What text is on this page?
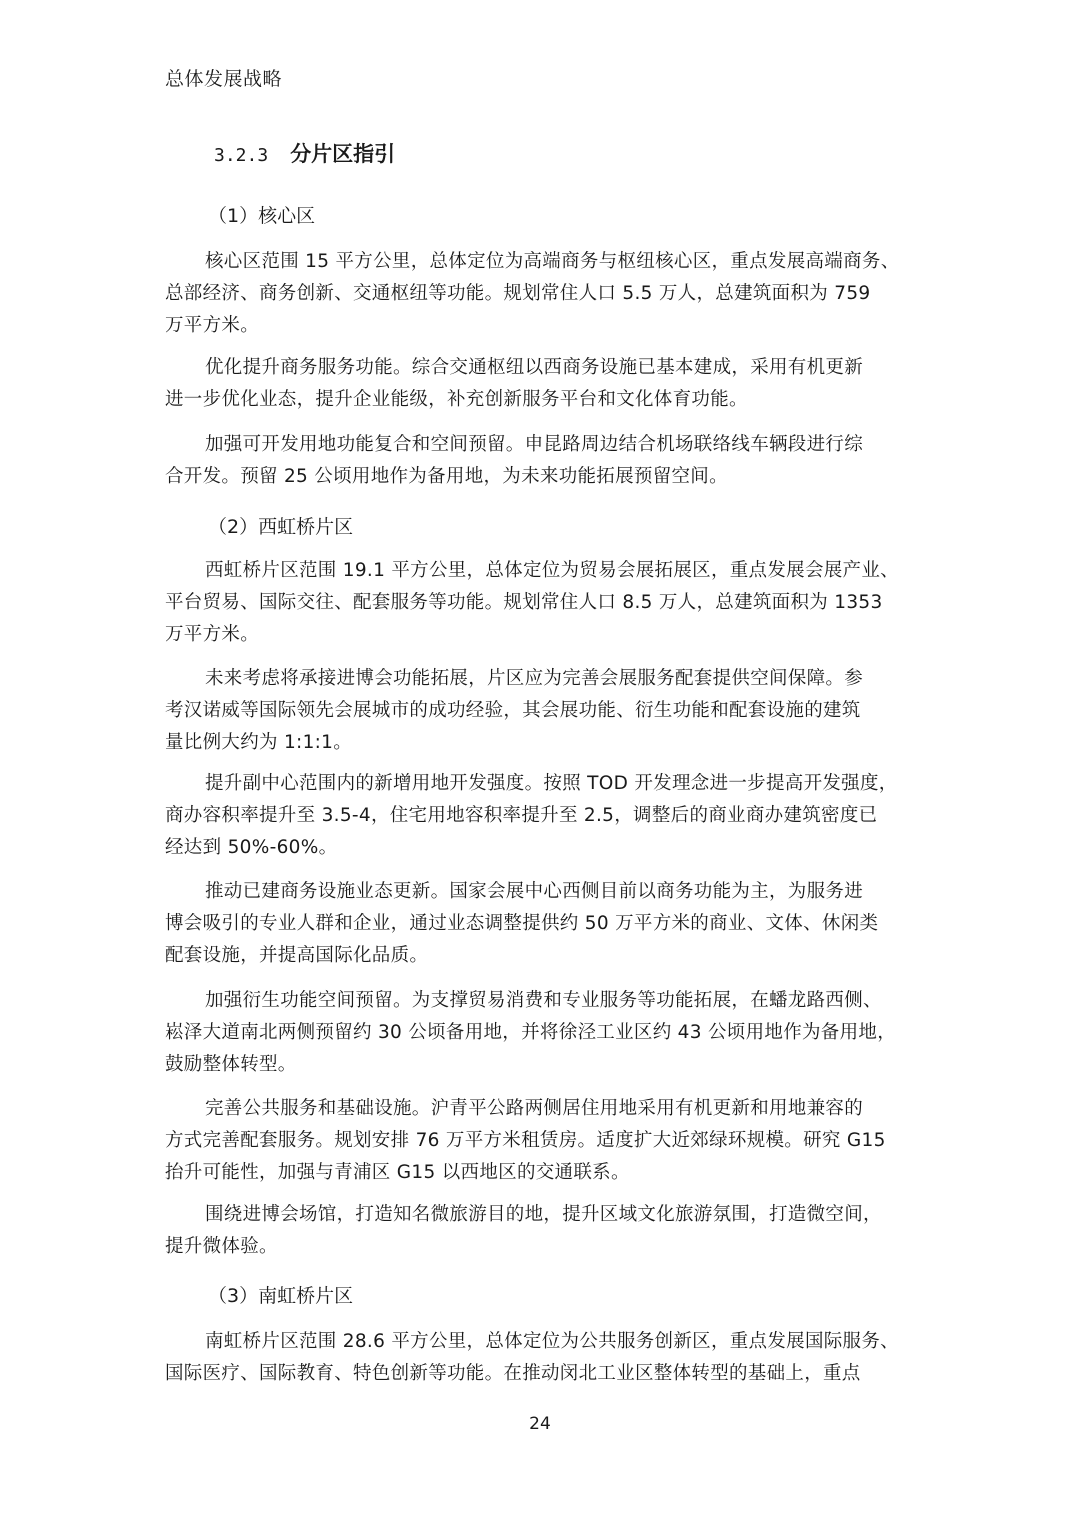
总体发展战略
3.2.3 分片区指引
（1）核心区
核心区范围 15 平方公里，总体定位为高端商务与枢纽核心区，重点发展高端商务、
总部经济、商务创新、交通枢纽等功能。规划常住人口 5.5 万人，总建筑面积为 759
万平方米。
优化提升商务服务功能。综合交通枢纽以西商务设施已基本建成，采用有机更新
进一步优化业态，提升企业能级，补充创新服务平台和文化体育功能。
加强可开发用地功能复合和空间预留。申昆路周边结合机场联络线车辆段进行综
合开发。预留 25 公顷用地作为备用地，为未来功能拓展预留空间。
（2）西虹桥片区
西虹桥片区范围 19.1 平方公里，总体定位为贸易会展拓展区，重点发展会展产业、
平台贸易、国际交往、配套服务等功能。规划常住人口 8.5 万人，总建筑面积为 1353
万平方米。
未来考虑将承接进博会功能拓展，片区应为完善会展服务配套提供空间保障。参
考汉诺威等国际领先会展城市的成功经验，其会展功能、衍生功能和配套设施的建筑
量比例大约为 1:1:1。
提升副中心范围内的新增用地开发强度。按照 TOD 开发理念进一步提高开发强度，
商办容积率提升至 3.5-4，住宅用地容积率提升至 2.5，调整后的商业商办建筑密度已
经达到 50%-60%。
推动已建商务设施业态更新。国家会展中心西侧目前以商务功能为主，为服务进
博会吸引的专业人群和企业，通过业态调整提供约 50 万平方米的商业、文体、休闲类
配套设施，并提高国际化品质。
加强衍生功能空间预留。为支撑贸易消费和专业服务等功能拓展，在蟠龙路西侧、
崧泽大道南北两侧预留约 30 公顷备用地，并将徐泾工业区约 43 公顷用地作为备用地，
鼓励整体转型。
完善公共服务和基础设施。沪青平公路两侧居住用地采用有机更新和用地兼容的
方式完善配套服务。规划安排 76 万平方米租赁房。适度扩大近郊绿环规模。研究 G15
抬升可能性，加强与青浦区 G15 以西地区的交通联系。
围绕进博会场馆，打造知名微旅游目的地，提升区域文化旅游氛围，打造微空间，
提升微体验。
（3）南虹桥片区
南虹桥片区范围 28.6 平方公里，总体定位为公共服务创新区，重点发展国际服务、
国际医疗、国际教育、特色创新等功能。在推动闵北工业区整体转型的基础上，重点
24
